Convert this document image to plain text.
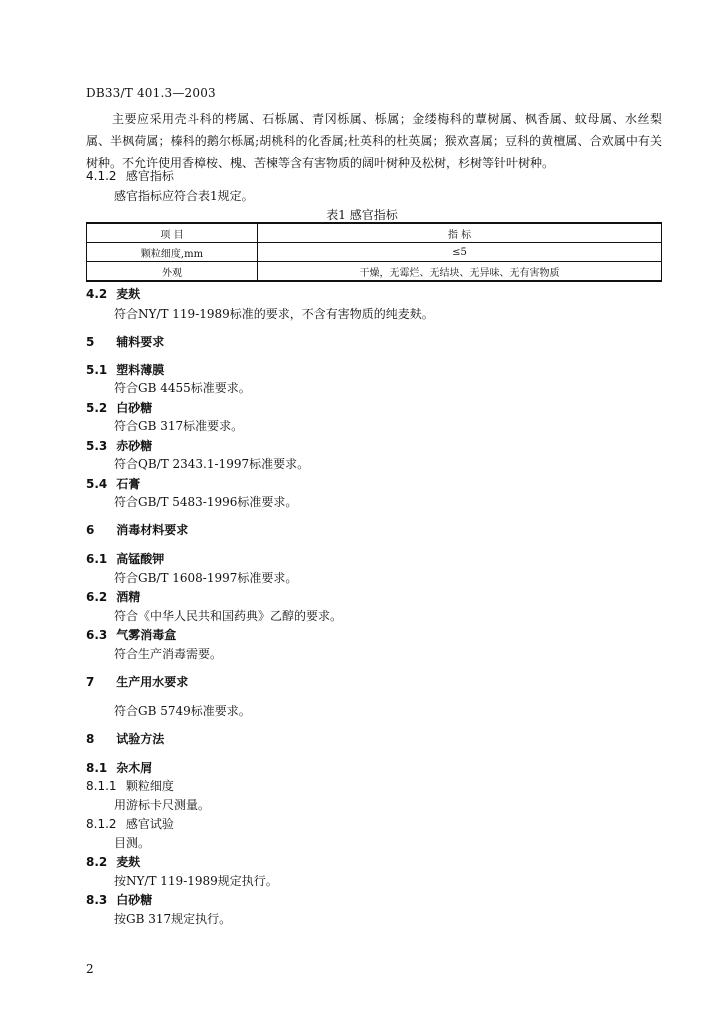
DB33/T 401.3—2003
主要应采用壳斗科的栲属、石栎属、青冈栎属、栎属；金缕梅科的蕈树属、枫香属、蚊母属、水丝梨属、半枫荷属；榛科的鹅尔栎属;胡桃科的化香属;杜英科的杜英属；猴欢喜属；豆科的黄檀属、合欢属中有关树种。不允许使用香樟桉、槐、苦楝等含有害物质的阔叶树种及松树，杉树等针叶树种。
4.1.2 感官指标
感官指标应符合表1规定。
表1 感官指标
项 目	指 标
颗粒细度,mm	≤5
外观	干燥，无霉烂、无结块、无异味、无有害物质
4.2 麦麸
符合NY/T 119-1989标准的要求，不含有害物质的纯麦麸。
5 辅料要求
5.1 塑料薄膜
符合GB 4455标准要求。
5.2 白砂糖
符合GB 317标准要求。
5.3 赤砂糖
符合QB/T 2343.1-1997标准要求。
5.4 石膏
符合GB/T 5483-1996标准要求。
6 消毒材料要求
6.1 高锰酸钾
符合GB/T 1608-1997标准要求。
6.2 酒精
符合《中华人民共和国药典》乙醇的要求。
6.3 气雾消毒盒
符合生产消毒需要。
7 生产用水要求
符合GB 5749标准要求。
8 试验方法
8.1 杂木屑
8.1.1 颗粒细度
用游标卡尺测量。
8.1.2 感官试验
目测。
8.2 麦麸
按NY/T 119-1989规定执行。
8.3 白砂糖
按GB 317规定执行。
2
